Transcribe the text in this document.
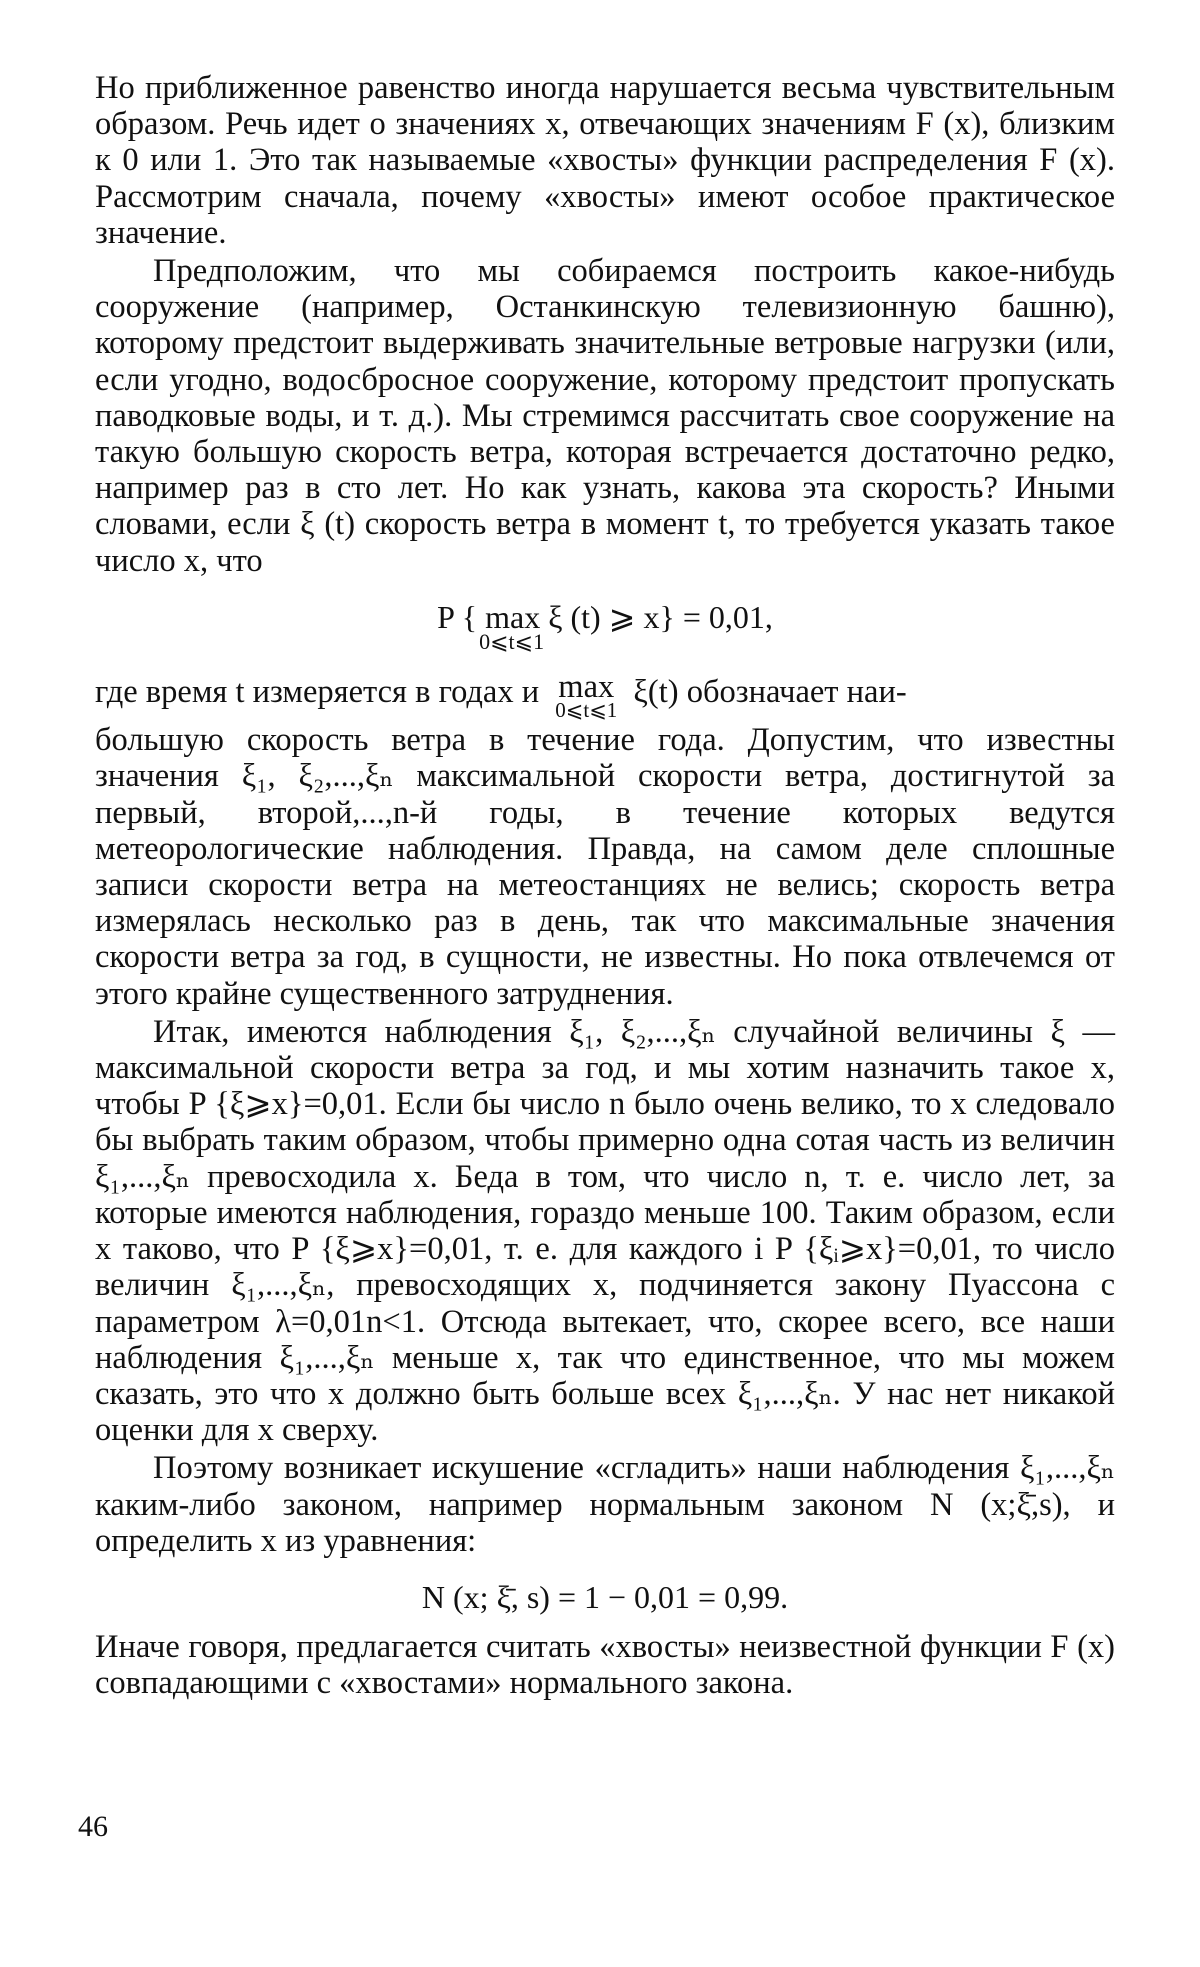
Но приближенное равенство иногда нарушается весьма чувствительным образом. Речь идет о значениях x, отвечающих значениям F (x), близким к 0 или 1. Это так называемые «хвосты» функции распределения F (x). Рассмотрим сначала, почему «хвосты» имеют особое практическое значение.

Предположим, что мы собираемся построить какое-нибудь сооружение (например, Останкинскую телевизионную башню), которому предстоит выдерживать значительные ветровые нагрузки (или, если угодно, водосбросное сооружение, которому предстоит пропускать паводковые воды, и т. д.). Мы стремимся рассчитать свое сооружение на такую большую скорость ветра, которая встречается достаточно редко, например раз в сто лет. Но как узнать, какова эта скорость? Иными словами, если ξ (t) скорость ветра в момент t, то требуется указать такое число x, что

P { max ξ (t) ⩾ x} = 0,01,
0⩽t⩽1

где время t измеряется в годах и max
0⩽t⩽1 ξ(t) обозначает наи-

большую скорость ветра в течение года. Допустим, что известны значения ξ₁, ξ₂,...,ξₙ максимальной скорости ветра, достигнутой за первый, второй,...,n-й годы, в течение которых ведутся метеорологические наблюдения. Правда, на самом деле сплошные записи скорости ветра на метеостанциях не велись; скорость ветра измерялась несколько раз в день, так что максимальные значения скорости ветра за год, в сущности, не известны. Но пока отвлечемся от этого крайне существенного затруднения.

Итак, имеются наблюдения ξ₁, ξ₂,...,ξₙ случайной величины ξ — максимальной скорости ветра за год, и мы хотим назначить такое x, чтобы P {ξ⩾x}=0,01. Если бы число n было очень велико, то x следовало бы выбрать таким образом, чтобы примерно одна сотая часть из величин ξ₁,...,ξₙ превосходила x. Беда в том, что число n, т. е. число лет, за которые имеются наблюдения, гораздо меньше 100. Таким образом, если x таково, что P {ξ⩾x}=0,01, т. е. для каждого i P {ξᵢ⩾x}=0,01, то число величин ξ₁,...,ξₙ, превосходящих x, подчиняется закону Пуассона с параметром λ=0,01n<1. Отсюда вытекает, что, скорее всего, все наши наблюдения ξ₁,...,ξₙ меньше x, так что единственное, что мы можем сказать, это что x должно быть больше всех ξ₁,...,ξₙ. У нас нет никакой оценки для x сверху.

Поэтому возникает искушение «сгладить» наши наблюдения ξ₁,...,ξₙ каким-либо законом, например нормальным законом N (x;ξ̄,s), и определить x из уравнения:

N (x; ξ̄, s) = 1 − 0,01 = 0,99.

Иначе говоря, предлагается считать «хвосты» неизвестной функции F (x) совпадающими с «хвостами» нормального закона.

46
